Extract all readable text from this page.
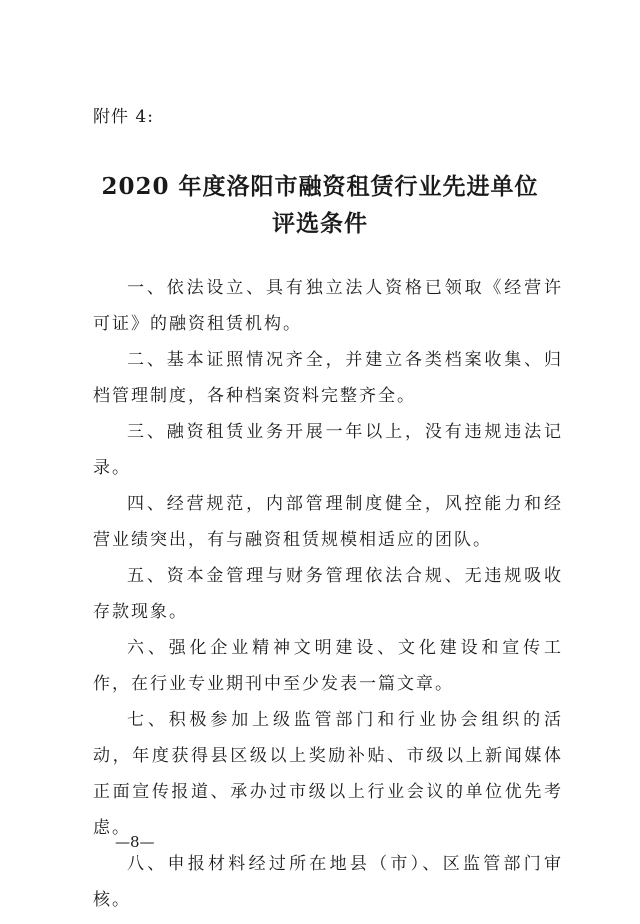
附件 4:
2020 年度洛阳市融资租赁行业先进单位
评选条件

一、依法设立、具有独立法人资格已领取《经营许可证》的融资租赁机构。

二、基本证照情况齐全，并建立各类档案收集、归档管理制度，各种档案资料完整齐全。

三、融资租赁业务开展一年以上，没有违规违法记录。

四、经营规范，内部管理制度健全，风控能力和经营业绩突出，有与融资租赁规模相适应的团队。

五、资本金管理与财务管理依法合规、无违规吸收存款现象。

六、强化企业精神文明建设、文化建设和宣传工作，在行业专业期刊中至少发表一篇文章。

七、积极参加上级监管部门和行业协会组织的活动，年度获得县区级以上奖励补贴、市级以上新闻媒体正面宣传报道、承办过市级以上行业会议的单位优先考虑。

八、申报材料经过所在地县（市）、区监管部门审核。

—8—
